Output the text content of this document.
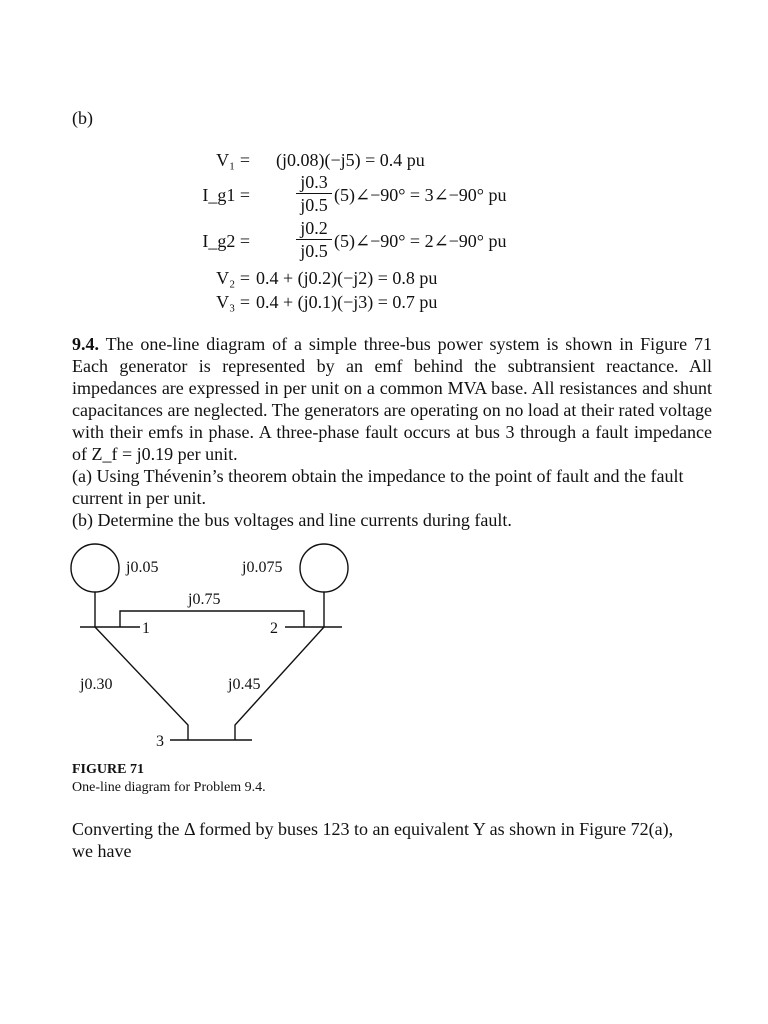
(b)
V₁ = (j0.08)(−j5) = 0.4 pu
I_g1 =
j0.3
j0.5 (5)∠−90° = 3∠−90° pu
I_g2 =
j0.2
j0.5 (5)∠−90° = 2∠−90° pu
V₂ = 0.4 + (j0.2)(−j2) = 0.8 pu
V₃ = 0.4 + (j0.1)(−j3) = 0.7 pu

9.4. The one-line diagram of a simple three-bus power system is shown in Figure 71 Each generator is represented by an emf behind the subtransient reactance. All impedances are expressed in per unit on a common MVA base. All resistances and shunt capacitances are neglected. The generators are operating on no load at their rated voltage with their emfs in phase. A three-phase fault occurs at bus 3 through a fault impedance of Z_f = j0.19 per unit.

(a) Using Thévenin’s theorem obtain the impedance to the point of fault and the fault current in per unit.

(b) Determine the bus voltages and line currents during fault.

j0.05	j0.075
j0.75
1	2
j0.30	j0.45
3
FIGURE 71
One-line diagram for Problem 9.4.
Converting the Δ formed by buses 123 to an equivalent Y as shown in Figure 72(a),
we have
